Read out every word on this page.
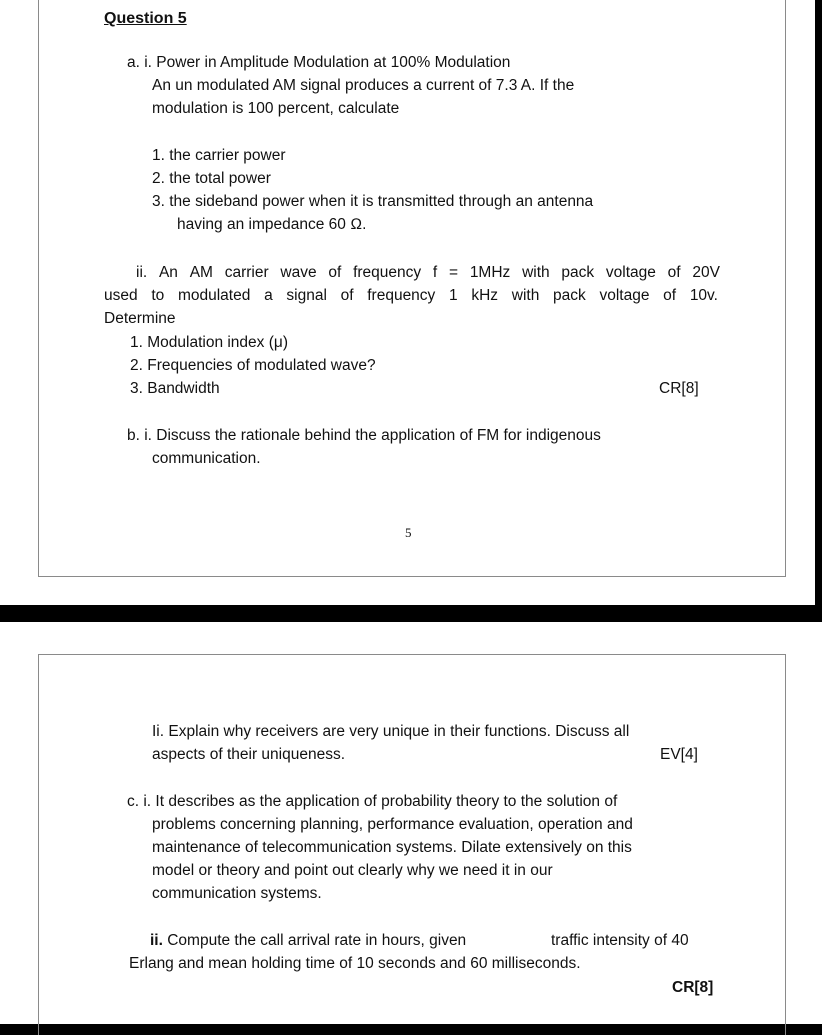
Question 5
a. i. Power in Amplitude Modulation at 100% Modulation
An un modulated AM signal produces a current of 7.3 A. If the
modulation is 100 percent, calculate
1. the carrier power
2. the total power
3. the sideband power when it is transmitted through an antenna
having an impedance 60 Ω.
ii. An AM carrier wave of frequency f = 1MHz with pack voltage of 20V
used to modulated a signal of frequency 1 kHz with pack voltage of 10v.
Determine
1. Modulation index (μ)
2. Frequencies of modulated wave?
3. Bandwidth	CR[8]
b. i. Discuss the rationale behind the application of FM for indigenous
communication.
5
Ii. Explain why receivers are very unique in their functions. Discuss all
aspects of their uniqueness.	EV[4]
c. i. It describes as the application of probability theory to the solution of
problems concerning planning, performance evaluation, operation and
maintenance of telecommunication systems. Dilate extensively on this
model or theory and point out clearly why we need it in our
communication systems.
ii. Compute the call arrival rate in hours, given	traffic intensity of 40
Erlang and mean holding time of 10 seconds and 60 milliseconds.
CR[8]
